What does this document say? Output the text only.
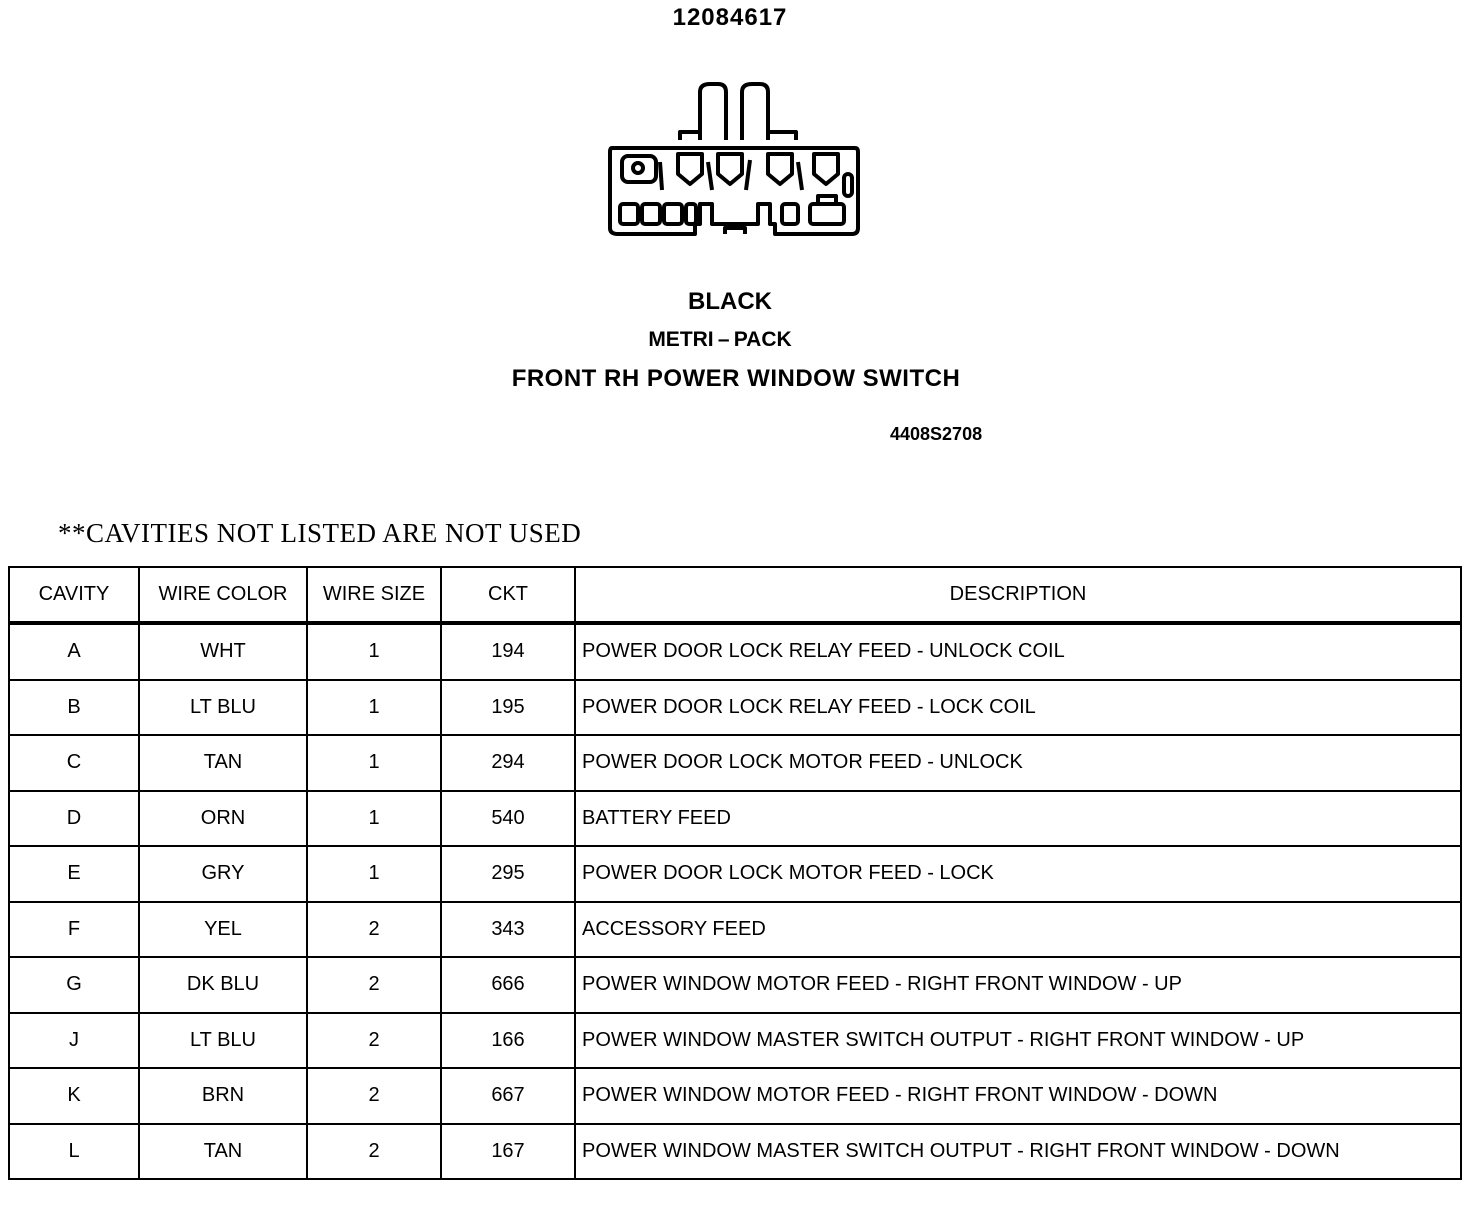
12084617
BLACK
METRI – PACK
FRONT RH POWER WINDOW SWITCH
4408S2708
**CAVITIES NOT LISTED ARE NOT USED
CAVITY	WIRE COLOR	WIRE SIZE	CKT	DESCRIPTION
A	WHT	1	194	POWER DOOR LOCK RELAY FEED - UNLOCK COIL
B	LT BLU	1	195	POWER DOOR LOCK RELAY FEED - LOCK COIL
C	TAN	1	294	POWER DOOR LOCK MOTOR FEED - UNLOCK
D	ORN	1	540	BATTERY FEED
E	GRY	1	295	POWER DOOR LOCK MOTOR FEED - LOCK
F	YEL	2	343	ACCESSORY FEED
G	DK BLU	2	666	POWER WINDOW MOTOR FEED - RIGHT FRONT WINDOW - UP
J	LT BLU	2	166	POWER WINDOW MASTER SWITCH OUTPUT - RIGHT FRONT WINDOW - UP
K	BRN	2	667	POWER WINDOW MOTOR FEED - RIGHT FRONT WINDOW - DOWN
L	TAN	2	167	POWER WINDOW MASTER SWITCH OUTPUT - RIGHT FRONT WINDOW - DOWN
